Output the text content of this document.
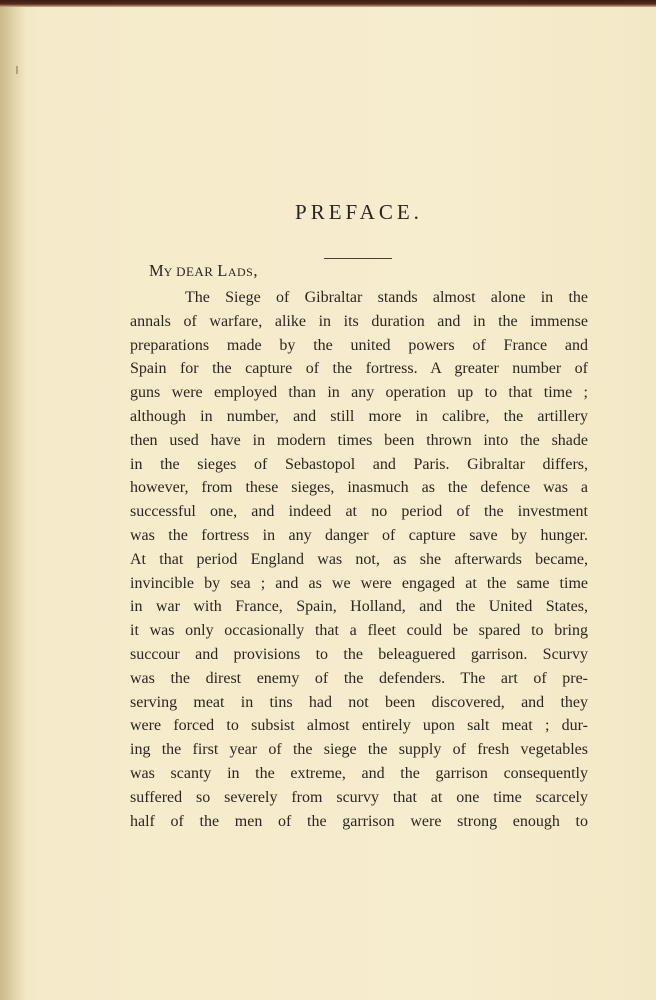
PREFACE.
My DEAR Lads,
The Siege of Gibraltar stands almost alone in the
annals of warfare, alike in its duration and in the immense
preparations made by the united powers of France and
Spain for the capture of the fortress. A greater number of
guns were employed than in any operation up to that time ;
although in number, and still more in calibre, the artillery
then used have in modern times been thrown into the shade
in the sieges of Sebastopol and Paris. Gibraltar differs,
however, from these sieges, inasmuch as the defence was a
successful one, and indeed at no period of the investment
was the fortress in any danger of capture save by hunger.
At that period England was not, as she afterwards became,
invincible by sea ; and as we were engaged at the same time
in war with France, Spain, Holland, and the United States,
it was only occasionally that a fleet could be spared to bring
succour and provisions to the beleaguered garrison. Scurvy
was the direst enemy of the defenders. The art of pre-
serving meat in tins had not been discovered, and they
were forced to subsist almost entirely upon salt meat ; dur-
ing the first year of the siege the supply of fresh vegetables
was scanty in the extreme, and the garrison consequently
suffered so severely from scurvy that at one time scarcely
half of the men of the garrison were strong enough to
